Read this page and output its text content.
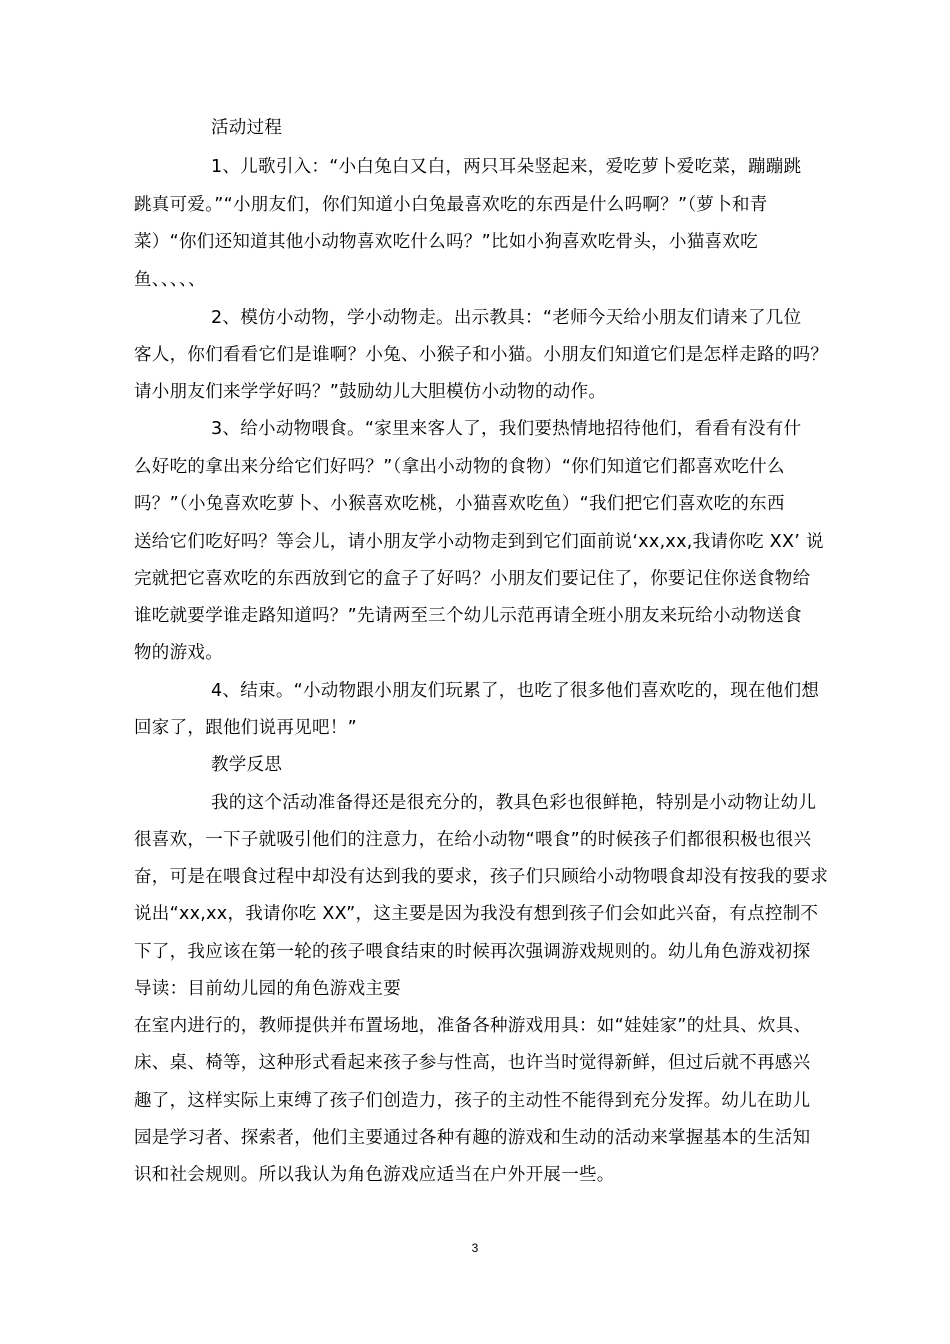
活动过程
1、儿歌引入：“小白兔白又白，两只耳朵竖起来，爱吃萝卜爱吃菜，蹦蹦跳
跳真可爱。”“小朋友们，你们知道小白兔最喜欢吃的东西是什么吗啊？”（萝卜和青
菜）“你们还知道其他小动物喜欢吃什么吗？”比如小狗喜欢吃骨头，小猫喜欢吃
鱼、、、、、
2、模仿小动物，学小动物走。出示教具：“老师今天给小朋友们请来了几位
客人，你们看看它们是谁啊？小兔、小猴子和小猫。小朋友们知道它们是怎样走路的吗？
请小朋友们来学学好吗？”鼓励幼儿大胆模仿小动物的动作。
3、给小动物喂食。“家里来客人了，我们要热情地招待他们，看看有没有什
么好吃的拿出来分给它们好吗？”（拿出小动物的食物）“你们知道它们都喜欢吃什么
吗？”（小兔喜欢吃萝卜、小猴喜欢吃桃，小猫喜欢吃鱼）“我们把它们喜欢吃的东西
送给它们吃好吗？等会儿，请小朋友学小动物走到到它们面前说‘xx,xx,我请你吃 XX’ 说
完就把它喜欢吃的东西放到它的盒子了好吗？小朋友们要记住了，你要记住你送食物给
谁吃就要学谁走路知道吗？”先请两至三个幼儿示范再请全班小朋友来玩给小动物送食
物的游戏。
4、结束。“小动物跟小朋友们玩累了，也吃了很多他们喜欢吃的，现在他们想
回家了，跟他们说再见吧！”
教学反思
我的这个活动准备得还是很充分的，教具色彩也很鲜艳，特别是小动物让幼儿
很喜欢，一下子就吸引他们的注意力，在给小动物“喂食”的时候孩子们都很积极也很兴
奋，可是在喂食过程中却没有达到我的要求，孩子们只顾给小动物喂食却没有按我的要求
说出“xx,xx，我请你吃 XX”，这主要是因为我没有想到孩子们会如此兴奋，有点控制不
下了，我应该在第一轮的孩子喂食结束的时候再次强调游戏规则的。幼儿角色游戏初探
导读：目前幼儿园的角色游戏主要
在室内进行的，教师提供并布置场地，准备各种游戏用具：如“娃娃家”的灶具、炊具、
床、桌、椅等，这种形式看起来孩子参与性高，也许当时觉得新鲜，但过后就不再感兴
趣了，这样实际上束缚了孩子们创造力，孩子的主动性不能得到充分发挥。幼儿在助儿
园是学习者、探索者，他们主要通过各种有趣的游戏和生动的活动来掌握基本的生活知
识和社会规则。所以我认为角色游戏应适当在户外开展一些。
3
